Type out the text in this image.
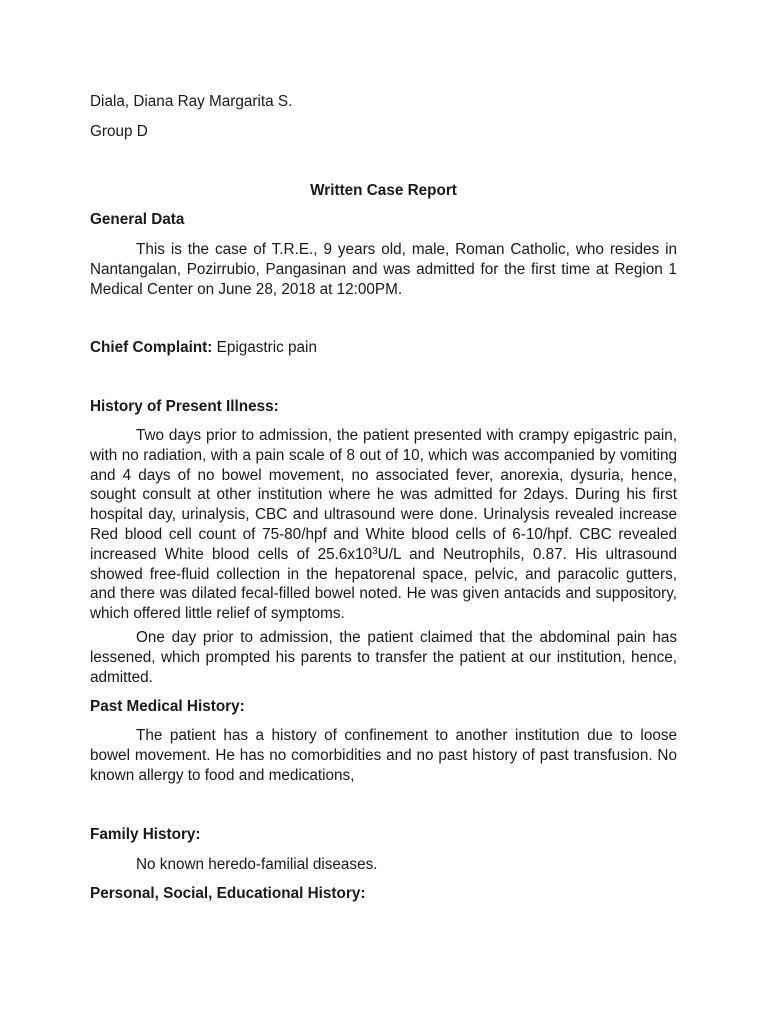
Diala, Diana Ray Margarita S.

Group D

Written Case Report

General Data

This is the case of T.R.E., 9 years old, male, Roman Catholic, who resides in Nantangalan, Pozirrubio, Pangasinan and was admitted for the first time at Region 1 Medical Center on June 28, 2018 at 12:00PM.

Chief Complaint: Epigastric pain

History of Present Illness:

Two days prior to admission, the patient presented with crampy epigastric pain, with no radiation, with a pain scale of 8 out of 10, which was accompanied by vomiting and 4 days of no bowel movement, no associated fever, anorexia, dysuria, hence, sought consult at other institution where he was admitted for 2days. During his first hospital day, urinalysis, CBC and ultrasound were done. Urinalysis revealed increase Red blood cell count of 75-80/hpf and White blood cells of 6-10/hpf. CBC revealed increased White blood cells of $25.6x10^3U/L$ and Neutrophils, 0.87. His ultrasound showed free-fluid collection in the hepatorenal space, pelvic, and paracolic gutters, and there was dilated fecal-filled bowel noted. He was given antacids and suppository, which offered little relief of symptoms.

One day prior to admission, the patient claimed that the abdominal pain has lessened, which prompted his parents to transfer the patient at our institution, hence, admitted.

Past Medical History:

The patient has a history of confinement to another institution due to loose bowel movement. He has no comorbidities and no past history of past transfusion. No known allergy to food and medications,

Family History:

No known heredo-familial diseases.

Personal, Social, Educational History:
